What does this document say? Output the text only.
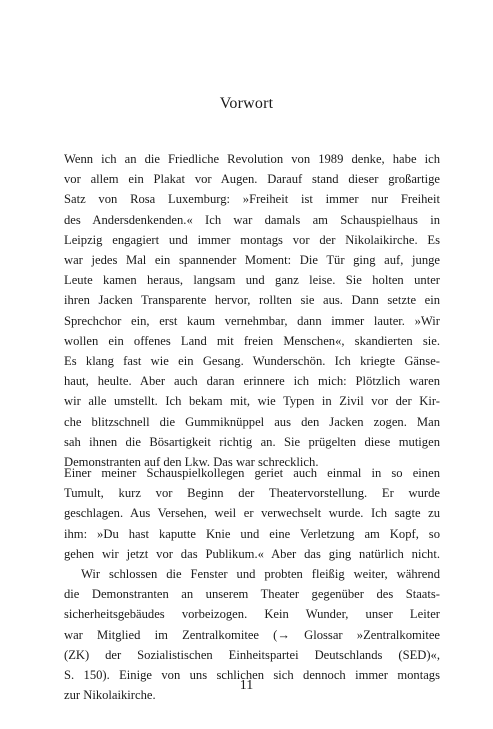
Vorwort
Wenn ich an die Friedliche Revolution von 1989 denke, habe ich
vor allem ein Plakat vor Augen. Darauf stand dieser großartige
Satz von Rosa Luxemburg: »Freiheit ist immer nur Freiheit
des Andersdenkenden.« Ich war damals am Schauspielhaus in
Leipzig engagiert und immer montags vor der Nikolaikirche. Es
war jedes Mal ein spannender Moment: Die Tür ging auf, junge
Leute kamen heraus, langsam und ganz leise. Sie holten unter
ihren Jacken Transparente hervor, rollten sie aus. Dann setzte ein
Sprechchor ein, erst kaum vernehmbar, dann immer lauter. »Wir
wollen ein offenes Land mit freien Menschen«, skandierten sie.
Es klang fast wie ein Gesang. Wunderschön. Ich kriegte Gänse-
haut, heulte. Aber auch daran erinnere ich mich: Plötzlich waren
wir alle umstellt. Ich bekam mit, wie Typen in Zivil vor der Kir-
che blitzschnell die Gummiknüppel aus den Jacken zogen. Man
sah ihnen die Bösartigkeit richtig an. Sie prügelten diese mutigen
Demonstranten auf den Lkw. Das war schrecklich.
Einer meiner Schauspielkollegen geriet auch einmal in so einen
Tumult, kurz vor Beginn der Theatervorstellung. Er wurde
geschlagen. Aus Versehen, weil er verwechselt wurde. Ich sagte zu
ihm: »Du hast kaputte Knie und eine Verletzung am Kopf, so
gehen wir jetzt vor das Publikum.« Aber das ging natürlich nicht.
Wir schlossen die Fenster und probten fleißig weiter, während
die Demonstranten an unserem Theater gegenüber des Staats-
sicherheitsgebäudes vorbeizogen. Kein Wunder, unser Leiter
war Mitglied im Zentralkomitee (→ Glossar »Zentralkomitee
(ZK) der Sozialistischen Einheitspartei Deutschlands (SED)«,
S. 150). Einige von uns schlichen sich dennoch immer montags
zur Nikolaikirche.
11
